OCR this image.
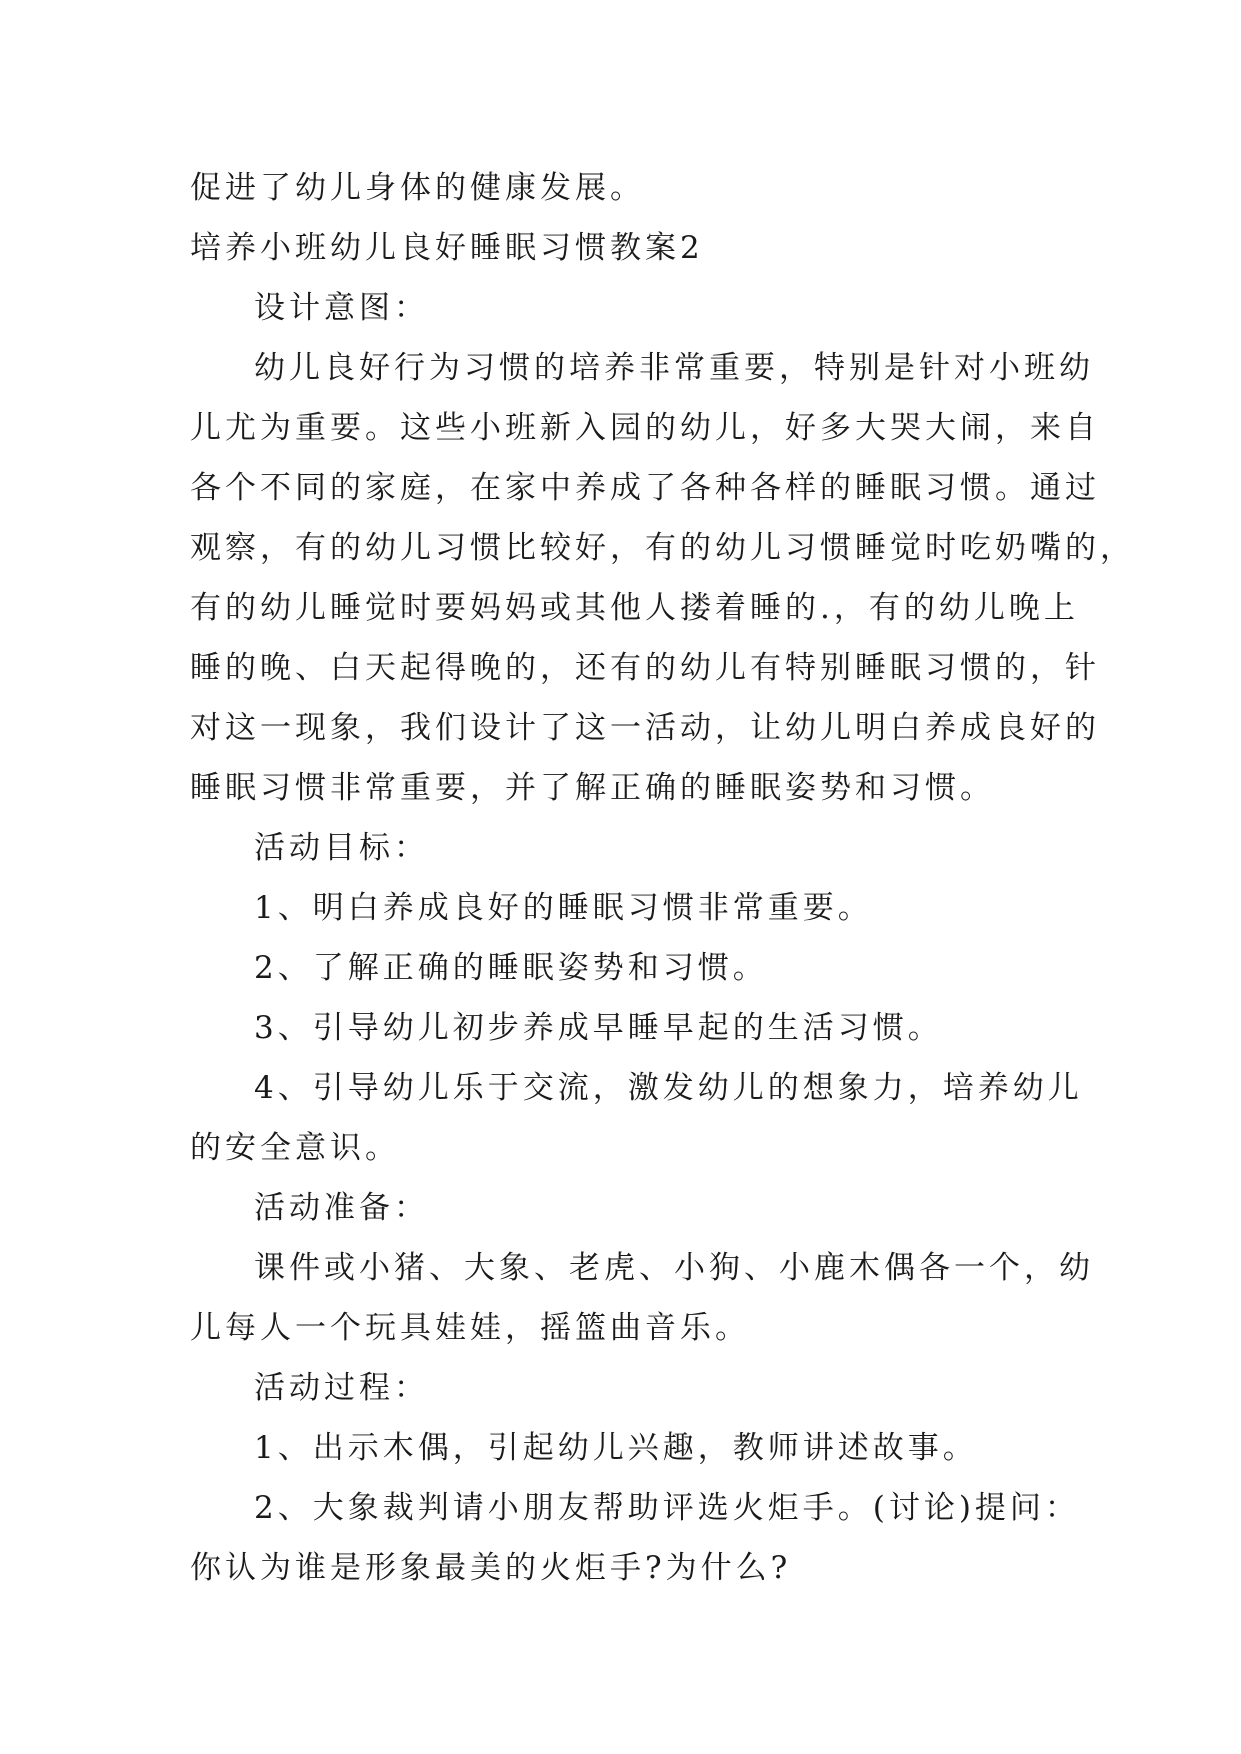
促进了幼儿身体的健康发展。
培养小班幼儿良好睡眠习惯教案2
设计意图：
幼儿良好行为习惯的培养非常重要，特别是针对小班幼
儿尤为重要。这些小班新入园的幼儿，好多大哭大闹，来自
各个不同的家庭，在家中养成了各种各样的睡眠习惯。通过
观察，有的幼儿习惯比较好，有的幼儿习惯睡觉时吃奶嘴的，
有的幼儿睡觉时要妈妈或其他人搂着睡的.，有的幼儿晚上
睡的晚、白天起得晚的，还有的幼儿有特别睡眠习惯的，针
对这一现象，我们设计了这一活动，让幼儿明白养成良好的
睡眠习惯非常重要，并了解正确的睡眠姿势和习惯。
活动目标：
1、明白养成良好的睡眠习惯非常重要。
2、了解正确的睡眠姿势和习惯。
3、引导幼儿初步养成早睡早起的生活习惯。
4、引导幼儿乐于交流，激发幼儿的想象力，培养幼儿
的安全意识。
活动准备：
课件或小猪、大象、老虎、小狗、小鹿木偶各一个，幼
儿每人一个玩具娃娃，摇篮曲音乐。
活动过程：
1、出示木偶，引起幼儿兴趣，教师讲述故事。
2、大象裁判请小朋友帮助评选火炬手。(讨论)提问：
你认为谁是形象最美的火炬手?为什么?
